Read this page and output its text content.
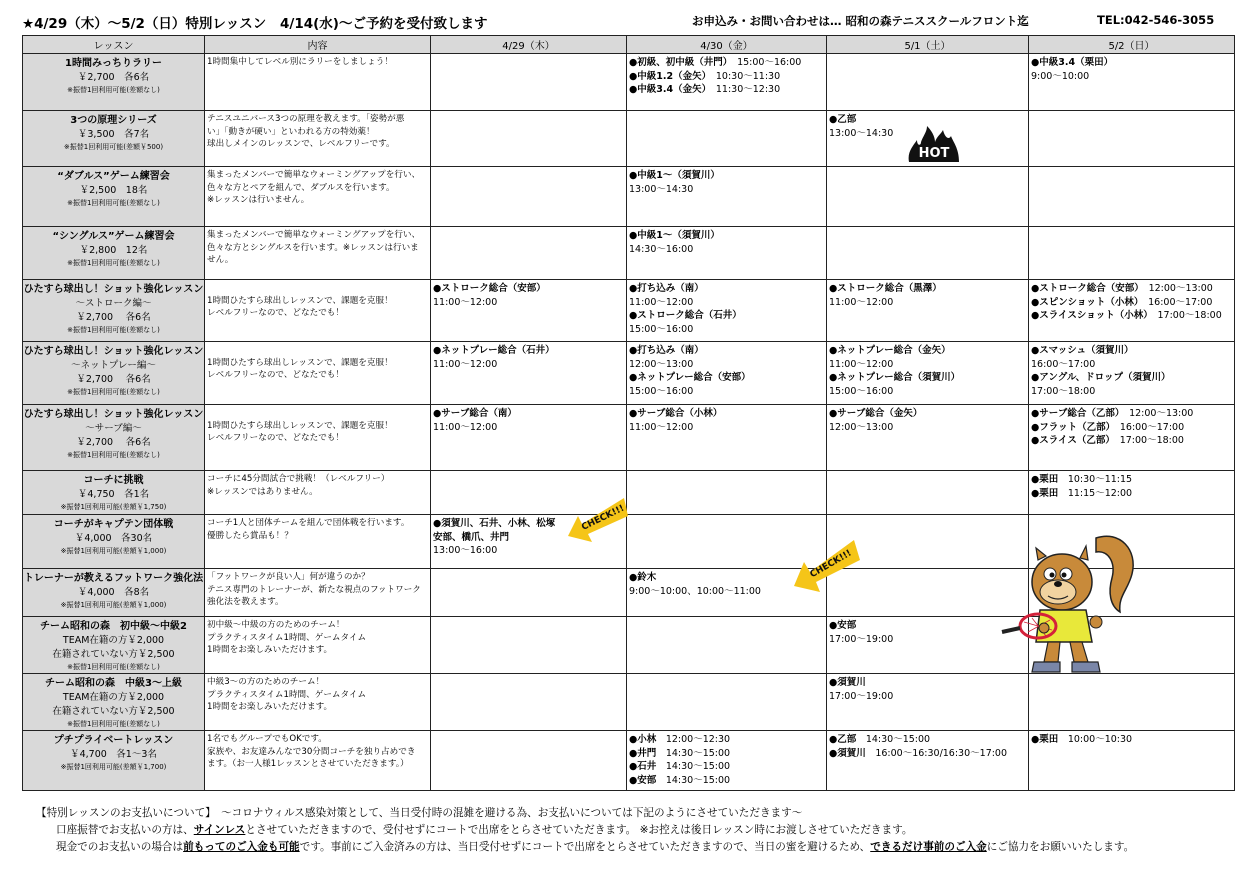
★4/29（木）〜5/2（日）特別レッスン 4/14(水)〜ご予約を受付致します	お申込み・お問い合わせは… 昭和の森テニススクールフロント迄	TEL:042-546-3055
レッスン	内容	4/29（木）	4/30（金）	5/1（土）	5/2（日）

1時間みっちりラリー
￥2,700　各6名
※振替1回利用可能(差額なし)	1時間集中してレベル別にラリーをしましょう！		●初級、初中級（井門）　 15:00〜16:00
●中級1.2（金矢）　 10:30〜11:30
●中級3.4（金矢）　 11:30〜12:30		●中級3.4（栗田）
9:00〜10:00

3つの原理シリーズ
￥3,500　各7名
※振替1回利用可能(差額￥500)	テニスユニバース3つの原理を教えます。「姿勢が悪
い」「動きが硬い」といわれる方の特効薬！
球出しメインのレッスンで、レベルフリーです。			●乙部
13:00〜14:30	

“ダブルス”ゲーム練習会
￥2,500　18名
※振替1回利用可能(差額なし)	集まったメンバーで簡単なウォーミングアップを行い、
色々な方とペアを組んで、ダブルスを行います。
※レッスンは行いません。		●中級1〜（須賀川）
13:00〜14:30		

“シングルス”ゲーム練習会
￥2,800　12名
※振替1回利用可能(差額なし)	集まったメンバーで簡単なウォーミングアップを行い、
色々な方とシングルスを行います。※レッスンは行いま
せん。		●中級1〜（須賀川）
14:30〜16:00		

ひたすら球出し！ショット強化レッスン
〜ストローク編〜
￥2,700　 各6名
※振替1回利用可能(差額なし)	1時間ひたすら球出しレッスンで、課題を克服！
レベルフリーなので、どなたでも！	●ストローク総合（安部）
11:00〜12:00	●打ち込み（南）
11:00〜12:00
●ストローク総合（石井）
15:00〜16:00	●ストローク総合（黒澤）
11:00〜12:00	●ストローク総合（安部）　 12:00〜13:00
●スピンショット（小林）　 16:00〜17:00
●スライスショット（小林）　 17:00〜18:00

ひたすら球出し！ショット強化レッスン
〜ネットプレー編〜
￥2,700　 各6名
※振替1回利用可能(差額なし)	1時間ひたすら球出しレッスンで、課題を克服！
レベルフリーなので、どなたでも！	●ネットプレー総合（石井）
11:00〜12:00	●打ち込み（南）
12:00〜13:00
●ネットプレー総合（安部）
15:00〜16:00	●ネットプレー総合（金矢）
11:00〜12:00
●ネットプレー総合（須賀川）
15:00〜16:00	●スマッシュ（須賀川）
16:00〜17:00
●アングル、ドロップ（須賀川）
17:00〜18:00

ひたすら球出し！ショット強化レッスン
〜サーブ編〜
￥2,700　 各6名
※振替1回利用可能(差額なし)	1時間ひたすら球出しレッスンで、課題を克服！
レベルフリーなので、どなたでも！	●サーブ総合（南）
11:00〜12:00	●サーブ総合（小林）
11:00〜12:00	●サーブ総合（金矢）
12:00〜13:00	●サーブ総合（乙部）　 12:00〜13:00
●フラット（乙部）　 16:00〜17:00
●スライス（乙部）　 17:00〜18:00

コーチに挑戦
￥4,750　各1名
※振替1回利用可能(差額￥1,750)	コーチに45分間試合で挑戦！（レベルフリー）
※レッスンではありません。				●栗田　 10:30〜11:15
●栗田　 11:15〜12:00

コーチがキャプテン団体戦
￥4,000　各30名
※振替1回利用可能(差額￥1,000)	コーチ1人と団体チームを組んで団体戦を行います。
優勝したら賞品も！？	●須賀川、石井、小林、松塚
安部、橋爪、井門
13:00〜16:00			

トレーナーが教えるフットワーク強化法
￥4,000　各8名
※振替1回利用可能(差額￥1,000)	「フットワークが良い人」何が違うのか？
テニス専門のトレーナーが、新たな視点のフットワーク
強化法を教えます。		●鈴木
9:00〜10:00、10:00〜11:00		

チーム昭和の森　初中級〜中級2
TEAM在籍の方￥2,000
在籍されていない方￥2,500
※振替1回利用可能(差額なし)	初中級〜中級の方のためのチーム！
プラクティスタイム1時間、ゲームタイム
1時間をお楽しみいただけます。			●安部
17:00〜19:00	

チーム昭和の森　中級3〜上級
TEAM在籍の方￥2,000
在籍されていない方￥2,500
※振替1回利用可能(差額なし)	中級3〜の方のためのチーム！
プラクティスタイム1時間、ゲームタイム
1時間をお楽しみいただけます。			●須賀川
17:00〜19:00	

プチプライベートレッスン
￥4,700　各1〜3名
※振替1回利用可能(差額￥1,700)	1名でもグループでもOKです。
家族や、お友達みんなで30分間コーチを独り占めでき
ます。（お一人様1レッスンとさせていただきます。）		●小林　 12:00〜12:30
●井門　 14:30〜15:00
●石井　 14:30〜15:00
●安部　 14:30〜15:00	●乙部　 14:30〜15:00
●須賀川　 16:00〜16:30/16:30〜17:00	●栗田　 10:00〜10:30
HOT
CHECK!!!
CHECK!!!
【特別レッスンのお支払いについて】　〜コロナウィルス感染対策として、当日受付時の混雑を避ける為、お支払いについては下記のようにさせていただきます〜
口座振替でお支払いの方は、サインレスとさせていただきますので、受付せずにコートで出席をとらさせていただきます。 ※お控えは後日レッスン時にお渡しさせていただきます。
現金でのお支払いの場合は前もってのご入金も可能です。事前にご入金済みの方は、当日受付せずにコートで出席をとらさせていただきますので、当日の蜜を避けるため、できるだけ事前のご入金にご協力をお願いいたします。
